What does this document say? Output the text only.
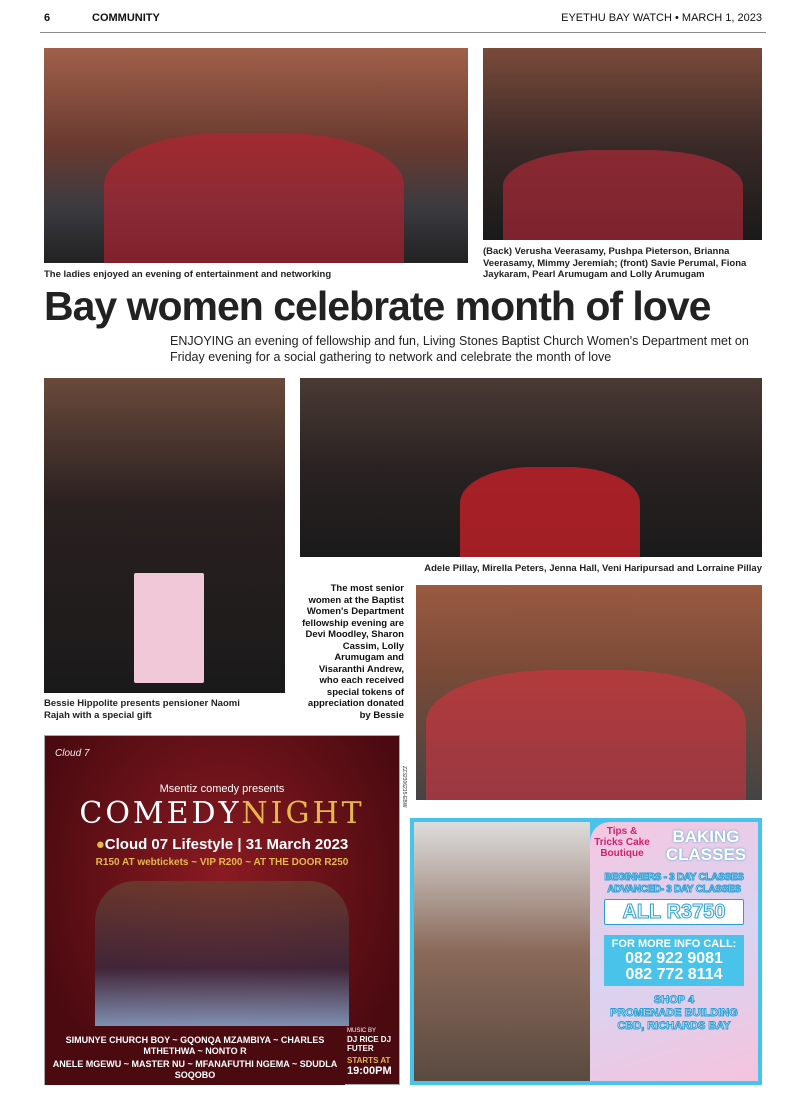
6	COMMUNITY	EYETHU BAY WATCH • MARCH 1, 2023
The ladies enjoyed an evening of entertainment and networking
(Back) Verusha Veerasamy, Pushpa Pieterson, Brianna Veerasamy, Mimmy Jeremiah; (front) Savie Perumal, Fiona Jaykaram, Pearl Arumugam and Lolly Arumugam
Bay women celebrate month of love
ENJOYING an evening of fellowship and fun, Living Stones Baptist Church Women's Department met on Friday evening for a social gathering to network and celebrate the month of love
Bessie Hippolite presents pensioner Naomi Rajah with a special gift
Adele Pillay, Mirella Peters, Jenna Hall, Veni Haripursad and Lorraine Pillay
The most senior women at the Baptist Women's Department fellowship evening are Devi Moodley, Sharon Cassim, Lolly Arumugam and Visaranthi Andrew, who each received special tokens of appreciation donated by Bessie
Cloud 7
Msentiz comedy presents
COMEDYNIGHT
●Cloud 07 Lifestyle | 31 March 2023
R150 AT webtickets ~ VIP R200 ~ AT THE DOOR R250
SIMUNYE CHURCH BOY ~ GQONQA MZAMBIYA ~ CHARLES MTHETHWA ~ NONTO R
ANELE MGEWU ~ MASTER NU ~ MFANAFUTHI NGEMA ~ SDUDLA SOQOBO
MUSIC BY
DJ RICE DJ FUTER
STARTS AT
19:00PM
ZZ32306215-EBW
Tips & Tricks Cake Boutique
BAKING CLASSES
BEGINNERS - 3 DAY CLASSES
ADVANCED- 3 DAY CLASSES
ALL R3750
FOR MORE INFO CALL:
082 922 9081
082 772 8114
SHOP 4
PROMENADE BUILDING
CBD, RICHARDS BAY
